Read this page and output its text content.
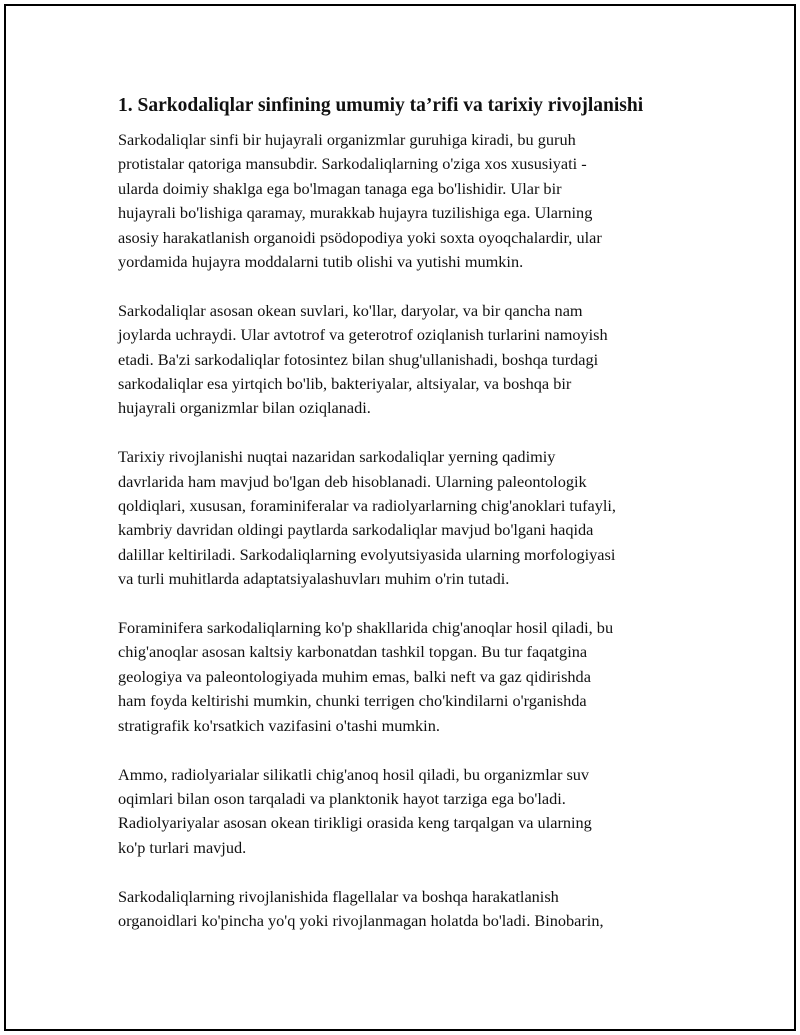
1. Sarkodaliqlar sinfining umumiy ta’rifi va tarixiy rivojlanishi

Sarkodaliqlar sinfi bir hujayrali organizmlar guruhiga kiradi, bu guruh
protistalar qatoriga mansubdir. Sarkodaliqlarning o'ziga xos xususiyati -
ularda doimiy shaklga ega bo'lmagan tanaga ega bo'lishidir. Ular bir
hujayrali bo'lishiga qaramay, murakkab hujayra tuzilishiga ega. Ularning
asosiy harakatlanish organoidi psödopodiya yoki soxta oyoqchalardir, ular
yordamida hujayra moddalarni tutib olishi va yutishi mumkin.

Sarkodaliqlar asosan okean suvlari, ko'llar, daryolar, va bir qancha nam
joylarda uchraydi. Ular avtotrof va geterotrof oziqlanish turlarini namoyish
etadi. Ba'zi sarkodaliqlar fotosintez bilan shug'ullanishadi, boshqa turdagi
sarkodaliqlar esa yirtqich bo'lib, bakteriyalar, altsiyalar, va boshqa bir
hujayrali organizmlar bilan oziqlanadi.

Tarixiy rivojlanishi nuqtai nazaridan sarkodaliqlar yerning qadimiy
davrlarida ham mavjud bo'lgan deb hisoblanadi. Ularning paleontologik
qoldiqlari, xususan, foraminiferalar va radiolyarlarning chig'anoklari tufayli,
kambriy davridan oldingi paytlarda sarkodaliqlar mavjud bo'lgani haqida
dalillar keltiriladi. Sarkodaliqlarning evolyutsiyasida ularning morfologiyasi
va turli muhitlarda adaptatsiyalashuvları muhim o'rin tutadi.

Foraminifera sarkodaliqlarning ko'p shakllarida chig'anoqlar hosil qiladi, bu
chig'anoqlar asosan kaltsiy karbonatdan tashkil topgan. Bu tur faqatgina
geologiya va paleontologiyada muhim emas, balki neft va gaz qidirishda
ham foyda keltirishi mumkin, chunki terrigen cho'kindilarni o'rganishda
stratigrafik ko'rsatkich vazifasini o'tashi mumkin.

Ammo, radiolyarialar silikatli chig'anoq hosil qiladi, bu organizmlar suv
oqimlari bilan oson tarqaladi va planktonik hayot tarziga ega bo'ladi.
Radiolyariyalar asosan okean tirikligi orasida keng tarqalgan va ularning
ko'p turlari mavjud.

Sarkodaliqlarning rivojlanishida flagellalar va boshqa harakatlanish
organoidlari ko'pincha yo'q yoki rivojlanmagan holatda bo'ladi. Binobarin,
